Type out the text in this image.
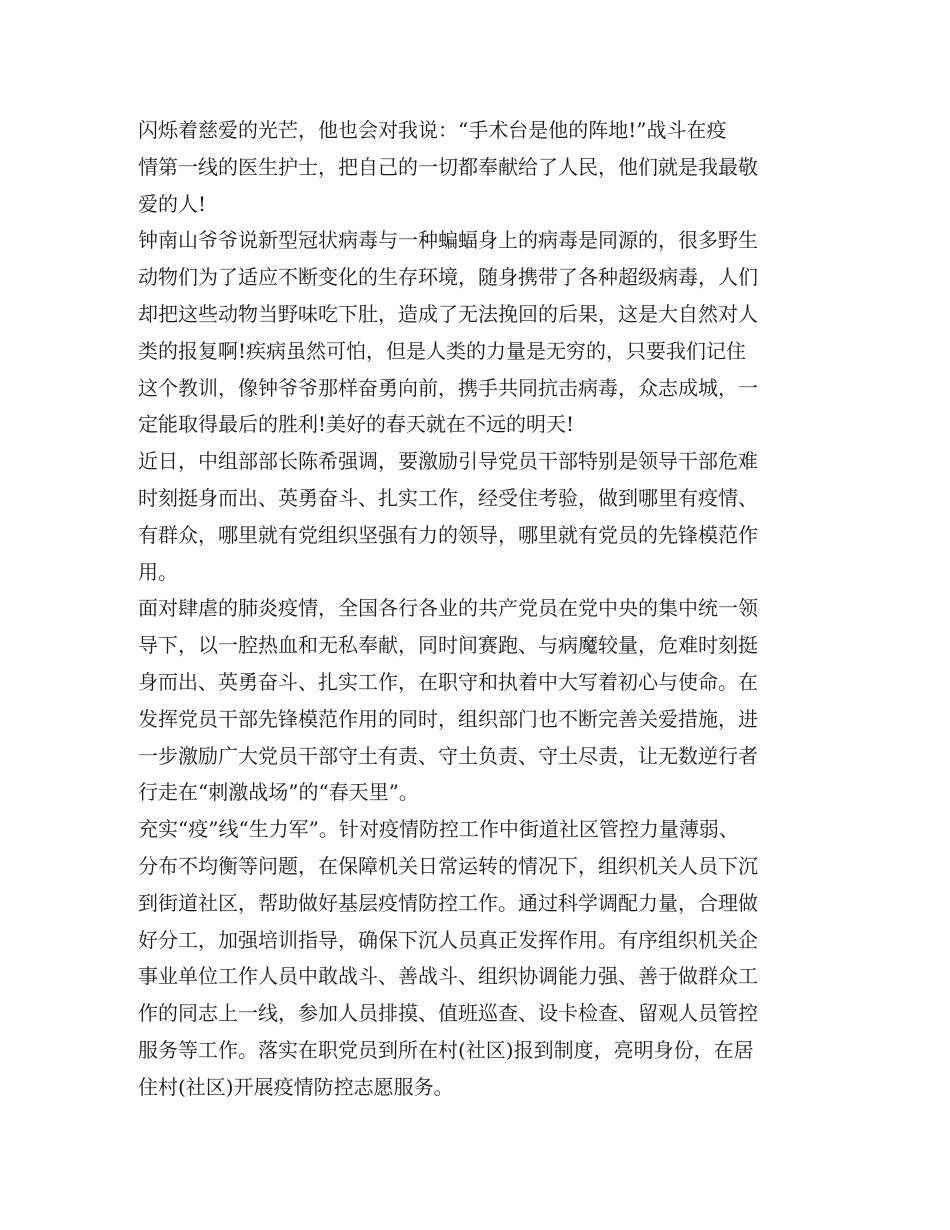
闪烁着慈爱的光芒，他也会对我说：“手术台是他的阵地!”战斗在疫
情第一线的医生护士，把自己的一切都奉献给了人民，他们就是我最敬
爱的人!
钟南山爷爷说新型冠状病毒与一种蝙蝠身上的病毒是同源的，很多野生
动物们为了适应不断变化的生存环境，随身携带了各种超级病毒，人们
却把这些动物当野味吃下肚，造成了无法挽回的后果，这是大自然对人
类的报复啊!疾病虽然可怕，但是人类的力量是无穷的，只要我们记住
这个教训，像钟爷爷那样奋勇向前，携手共同抗击病毒，众志成城，一
定能取得最后的胜利!美好的春天就在不远的明天!
近日，中组部部长陈希强调，要激励引导党员干部特别是领导干部危难
时刻挺身而出、英勇奋斗、扎实工作，经受住考验，做到哪里有疫情、
有群众，哪里就有党组织坚强有力的领导，哪里就有党员的先锋模范作
用。
面对肆虐的肺炎疫情，全国各行各业的共产党员在党中央的集中统一领
导下，以一腔热血和无私奉献，同时间赛跑、与病魔较量，危难时刻挺
身而出、英勇奋斗、扎实工作，在职守和执着中大写着初心与使命。在
发挥党员干部先锋模范作用的同时，组织部门也不断完善关爱措施，进
一步激励广大党员干部守土有责、守土负责、守土尽责，让无数逆行者
行走在“刺激战场”的“春天里”。
充实“疫”线“生力军”。针对疫情防控工作中街道社区管控力量薄弱、
分布不均衡等问题，在保障机关日常运转的情况下，组织机关人员下沉
到街道社区，帮助做好基层疫情防控工作。通过科学调配力量，合理做
好分工，加强培训指导，确保下沉人员真正发挥作用。有序组织机关企
事业单位工作人员中敢战斗、善战斗、组织协调能力强、善于做群众工
作的同志上一线，参加人员排摸、值班巡查、设卡检查、留观人员管控
服务等工作。落实在职党员到所在村(社区)报到制度，亮明身份，在居
住村(社区)开展疫情防控志愿服务。
